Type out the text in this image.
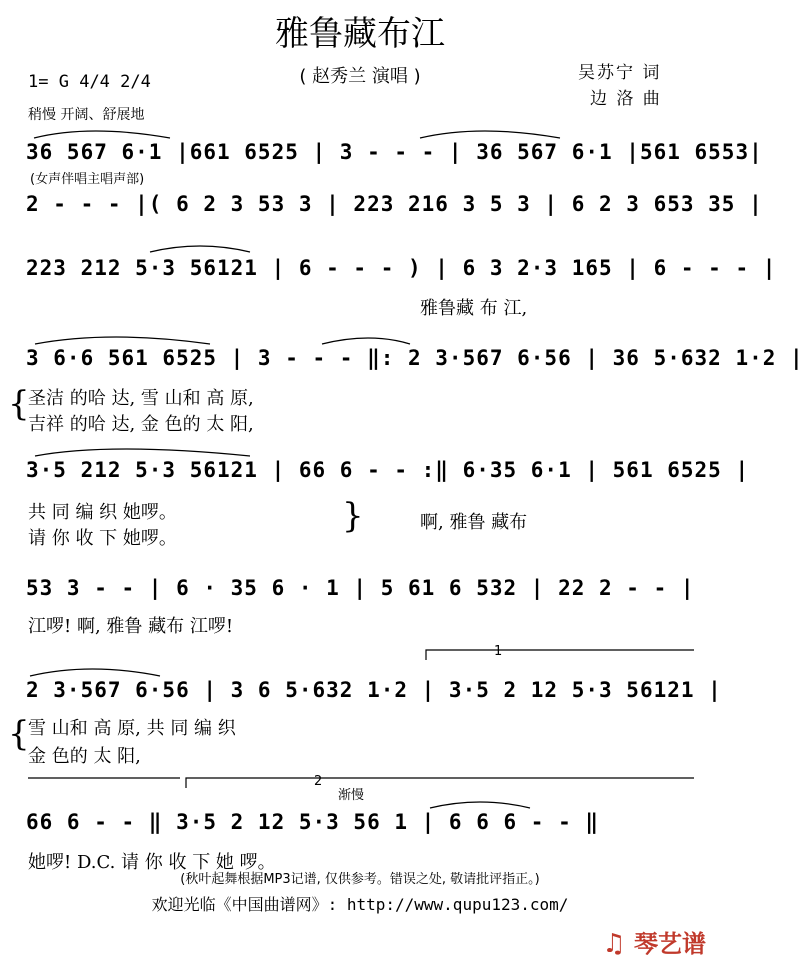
雅鲁藏布江
( 赵秀兰 演唱 )	吴苏宁 词
边 洛 曲
1= G 4/4 2/4
稍慢 开阔、舒展地
36 567 6·1 |661 6525 | 3 - - - | 36 567 6·1 |561 6553|
(女声伴唱主唱声部)
2 - - - |( 6 2 3 53 3 | 223 216 3 5 3 | 6 2 3 653 35 |
223 212 5·3 56121 | 6 - - - ) | 6 3 2·3 165 | 6 - - - |
雅鲁藏 布 江,
3 6·6 561 6525 | 3 - - - ‖: 2 3·567 6·56 | 36 5·632 1·2 |
{
圣洁 的哈 达, 雪 山和 高 原,
吉祥 的哈 达, 金 色的 太 阳,
3·5 212 5·3 56121 | 66 6 - - :‖ 6·35 6·1 | 561 6525 |
共 同 编 织 她啰。
请 你 收 下 她啰。
}	啊, 雅鲁 藏布
53 3 - - | 6 · 35 6 · 1 | 5 61 6 532 | 22 2 - - |
江啰! 啊, 雅鲁 藏布 江啰!
1
2 3·567 6·56 | 3 6 5·632 1·2 | 3·5 2 12 5·3 56121 |
{
雪 山和 高 原, 共 同 编 织
金 色的 太 阳,
2
渐慢
66 6 - - ‖ 3·5 2 12 5·3 56 1 | 6 6 6 - - ‖
她啰! D.C. 请 你 收 下 她 啰。
(秋叶起舞根据MP3记谱, 仅供参考。错误之处, 敬请批评指正。)
欢迎光临《中国曲谱网》: http://www.qupu123.com/
♫ 琴艺谱
